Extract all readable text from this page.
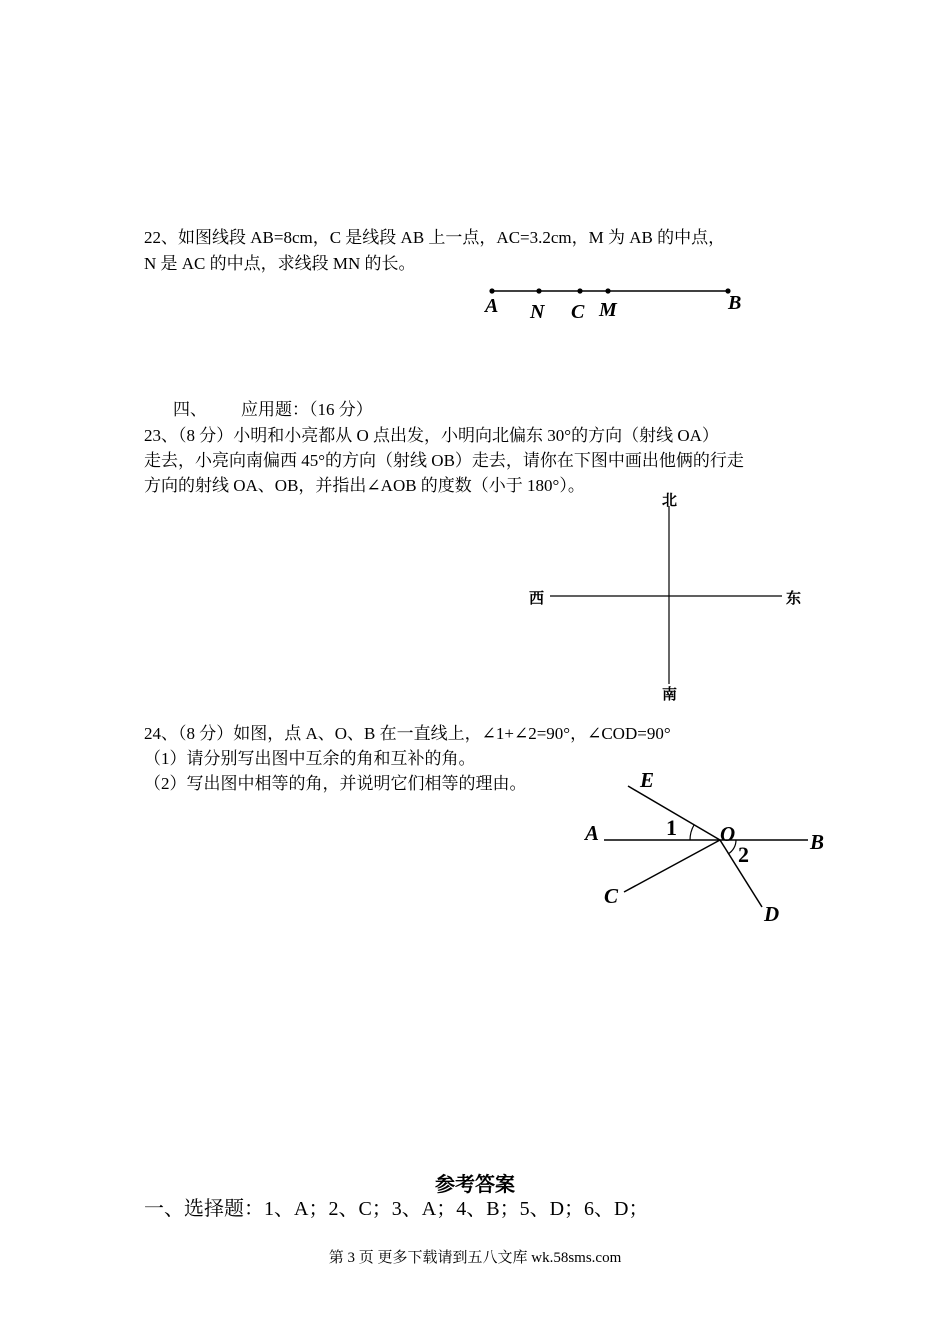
22、如图线段 AB=8cm，C 是线段 AB 上一点，AC=3.2cm，M 为 AB 的中点，
N 是 AC 的中点，求线段 MN 的长。
A N C M	B
四、 应用题：（16 分）
23、（8 分）小明和小亮都从 O 点出发，小明向北偏东 30°的方向（射线 OA）
走去，小亮向南偏西 45°的方向（射线 OB）走去，请你在下图中画出他俩的行走
方向的射线 OA、OB，并指出∠AOB 的度数（小于 180°）。
北
南
西	东
24、（8 分）如图，点 A、O、B 在一直线上，∠1+∠2=90°，∠COD=90°
（1）请分别写出图中互余的角和互补的角。
（2）写出图中相等的角，并说明它们相等的理由。	E
A	1 O	B
2
C
D
参考答案
一、选择题：1、A；2、C；3、A；4、B；5、D；6、D；
第 3 页 更多下载请到五八文库 wk.58sms.com
